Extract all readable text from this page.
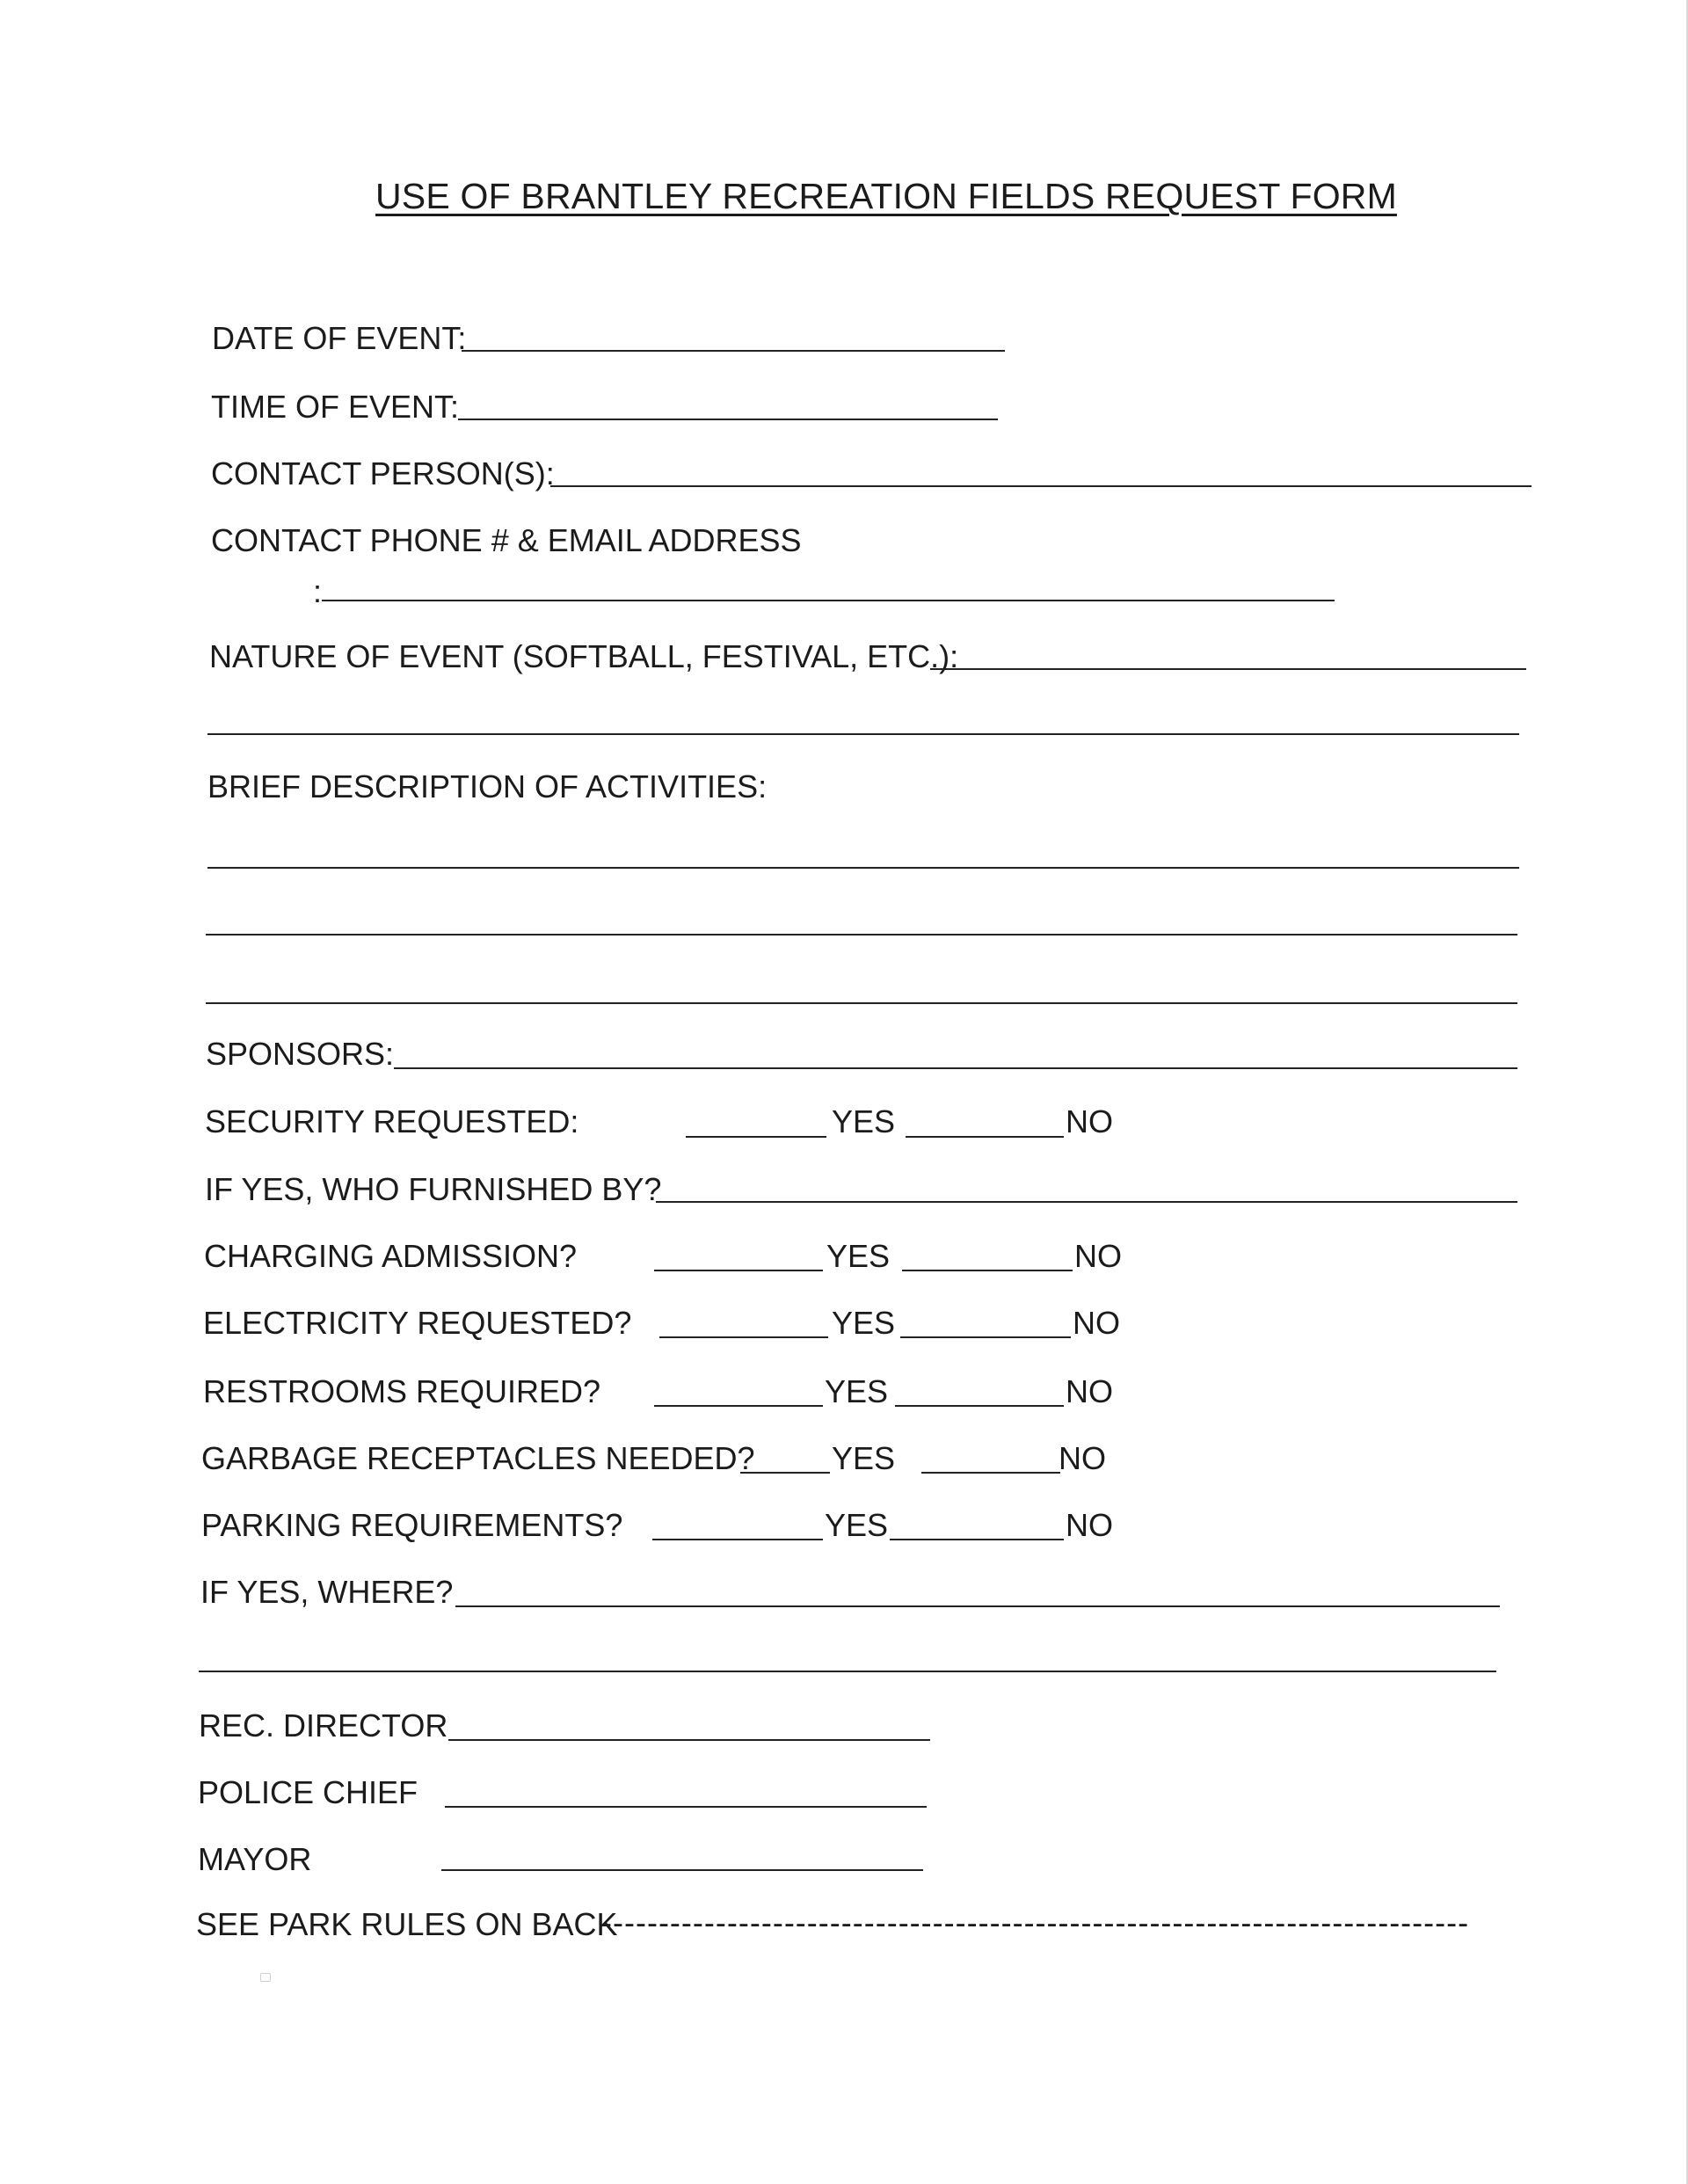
USE OF BRANTLEY RECREATION FIELDS REQUEST FORM
DATE OF EVENT:
TIME OF EVENT:
CONTACT PERSON(S):
CONTACT PHONE # & EMAIL ADDRESS
:
NATURE OF EVENT (SOFTBALL, FESTIVAL, ETC.):
BRIEF DESCRIPTION OF ACTIVITIES:
SPONSORS:
SECURITY REQUESTED:	YES	NO
IF YES, WHO FURNISHED BY?
CHARGING ADMISSION?	YES	NO
ELECTRICITY REQUESTED?	YES	NO
RESTROOMS REQUIRED?	YES	NO
GARBAGE RECEPTACLES NEEDED? YES	NO
PARKING REQUIREMENTS?	YES	NO
IF YES, WHERE?
REC. DIRECTOR
POLICE CHIEF
MAYOR
SEE PARK RULES ON BACK
----------------------------------------------------------------------------
